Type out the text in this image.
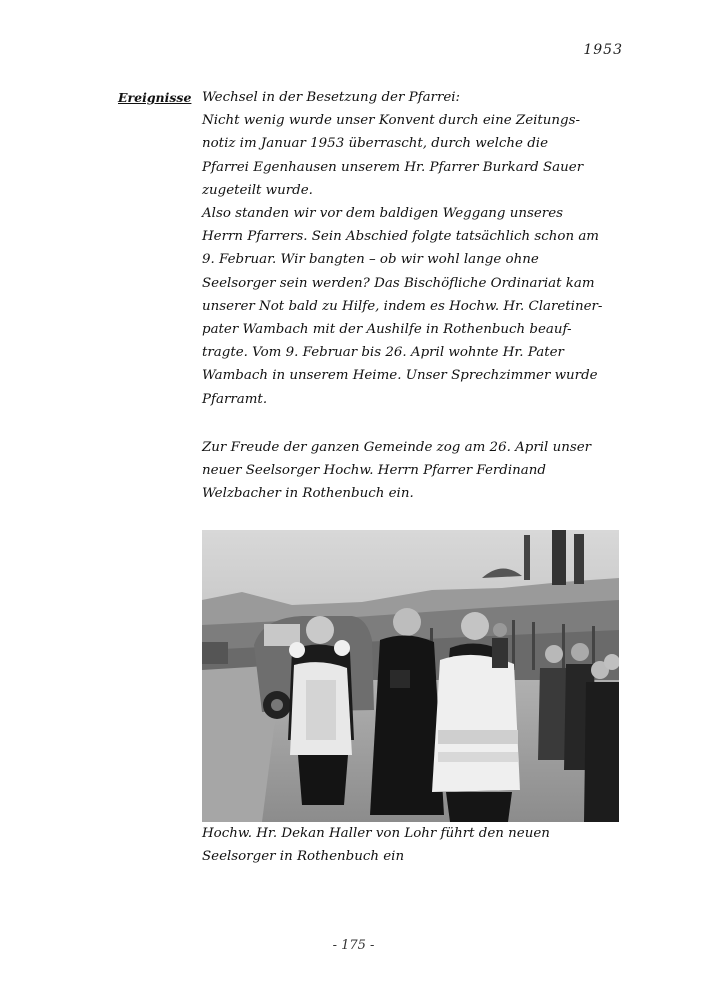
1953
Ereignisse Wechsel in der Besetzung der Pfarrei:
Nicht wenig wurde unser Konvent durch eine Zeitungs-
notiz im Januar 1953 überrascht, durch welche die
Pfarrei Egenhausen unserem Hr. Pfarrer Burkard Sauer
zugeteilt wurde.
Also standen wir vor dem baldigen Weggang unseres
Herrn Pfarrers. Sein Abschied folgte tatsächlich schon am
9. Februar. Wir bangten – ob wir wohl lange ohne
Seelsorger sein werden? Das Bischöfliche Ordinariat kam
unserer Not bald zu Hilfe, indem es Hochw. Hr. Claretiner-
pater Wambach mit der Aushilfe in Rothenbuch beauf-
tragte. Vom 9. Februar bis 26. April wohnte Hr. Pater
Wambach in unserem Heime. Unser Sprechzimmer wurde
Pfarramt.
Zur Freude der ganzen Gemeinde zog am 26. April unser
neuer Seelsorger Hochw. Herrn Pfarrer Ferdinand
Welzbacher in Rothenbuch ein.
Hochw. Hr. Dekan Haller von Lohr führt den neuen
Seelsorger in Rothenbuch ein
- 175 -
